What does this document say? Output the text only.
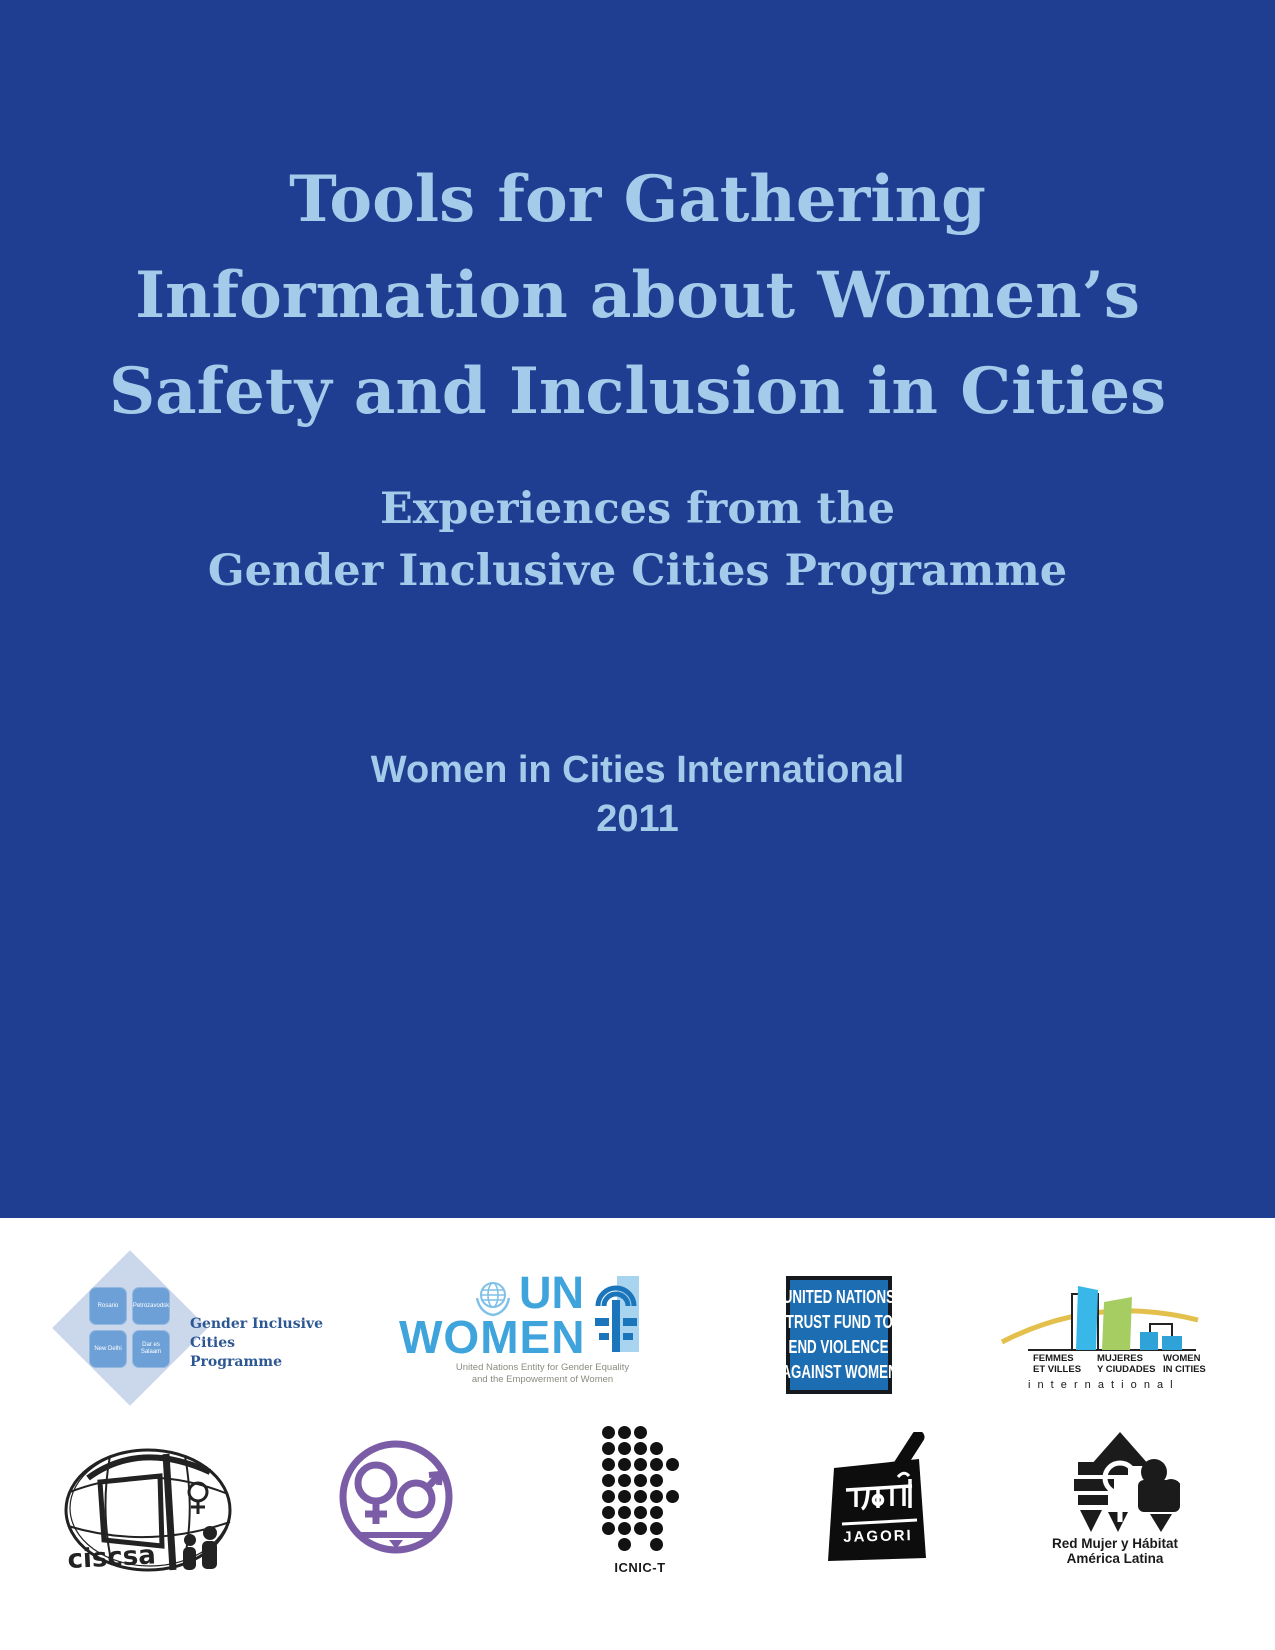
Tools for Gathering
Information about Women’s
Safety and Inclusion in Cities
Experiences from the
Gender Inclusive Cities Programme
Women in Cities International
2011
Rosario	Petrozavodsk
New Delhi
Dar es Salaam
Gender Inclusive Cities
Programme
UN
WOMEN
United Nations Entity for Gender Equality
and the Empowerment of Women
UNITED NATIONS
TRUST FUND TO
END VIOLENCE
AGAINST WOMEN
FEMMES
ET VILLES
MUJERES
Y CIUDADES
WOMEN
IN CITIES
i n t e r n a t i o n a l
ciscsa	ICNIC-T
JAGORI	Red Mujer y Hábitat
América Latina
